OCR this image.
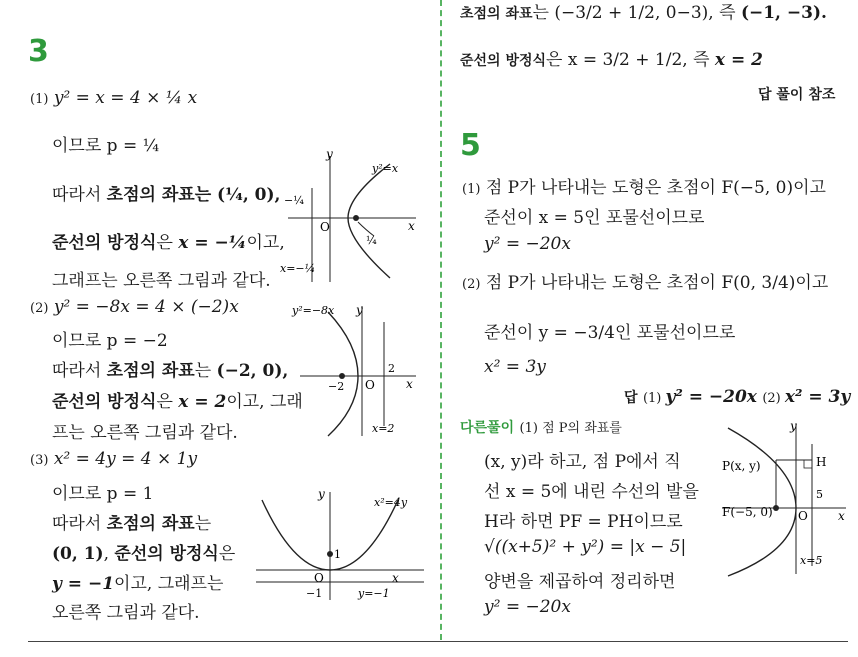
3
(1) y² = x = 4 × ¼ x
이므로 p = ¼
따라서 초점의 좌표는 (¼, 0),
준선의 방정식은 x = −¼이고,
그래프는 오른쪽 그림과 같다.
y
x
O
y²=x
−¼
¼
x=−¼
(2) y² = −8x = 4 × (−2)x
이므로 p = −2
따라서 초점의 좌표는 (−2, 0),
준선의 방정식은 x = 2이고, 그래
프는 오른쪽 그림과 같다.
y
x
O
y²=−8x
−2
2
x=2
(3) x² = 4y = 4 × 1y
이므로 p = 1
따라서 초점의 좌표는
(0, 1), 준선의 방정식은
y = −1이고, 그래프는
오른쪽 그림과 같다.
y
x
O
x²=4y
1
−1	y=−1
초점의 좌표는 (−3/2 + 1/2, 0−3), 즉 (−1, −3).
준선의 방정식은 x = 3/2 + 1/2, 즉 x = 2
답 풀이 참조
5
(1) 점 P가 나타내는 도형은 초점이 F(−5, 0)이고
준선이 x = 5인 포물선이므로
y² = −20x
(2) 점 P가 나타내는 도형은 초점이 F(0, 3/4)이고
준선이 y = −3/4인 포물선이므로
x² = 3y
답 (1) y² = −20x (2) x² = 3y
다른풀이 (1) 점 P의 좌표를
(x, y)라 하고, 점 P에서 직
선 x = 5에 내린 수선의 발을
H라 하면 PF = PH이므로
√((x+5)² + y²) = |x − 5|
양변을 제곱하여 정리하면
y² = −20x
y
x
O
P(x, y)	H
F(−5, 0)
5
x=5
